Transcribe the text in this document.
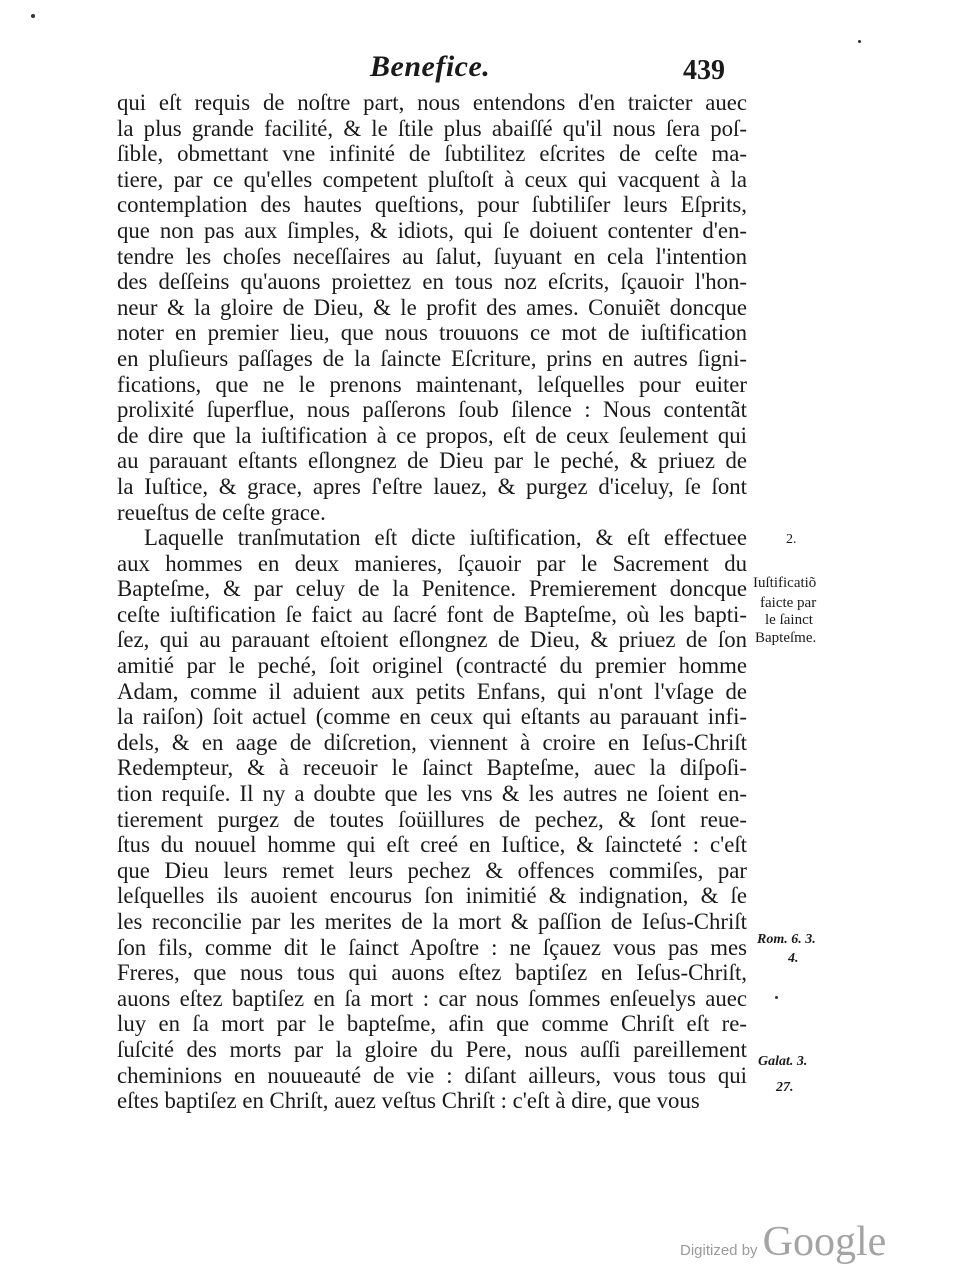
Benefice.	439
qui eſt requis de noſtre part, nous entendons d'en traicter auec
la plus grande facilité, & le ſtile plus abaiſſé qu'il nous ſera poſ-
ſible, obmettant vne infinité de ſubtilitez eſcrites de ceſte ma-
tiere, par ce qu'elles competent pluſtoſt à ceux qui vacquent à la
contemplation des hautes queſtions, pour ſubtiliſer leurs Eſprits,
que non pas aux ſimples, & idiots, qui ſe doiuent contenter d'en-
tendre les choſes neceſſaires au ſalut, ſuyuant en cela l'intention
des deſſeins qu'auons proiettez en tous noz eſcrits, ſçauoir l'hon-
neur & la gloire de Dieu, & le profit des ames. Conuiẽt doncque
noter en premier lieu, que nous trouuons ce mot de iuſtification
en pluſieurs paſſages de la ſaincte Eſcriture, prins en autres ſigni-
fications, que ne le prenons maintenant, leſquelles pour euiter
prolixité ſuperflue, nous paſſerons ſoub ſilence : Nous contentãt
de dire que la iuſtification à ce propos, eſt de ceux ſeulement qui
au parauant eſtants eſlongnez de Dieu par le peché, & priuez de
la Iuſtice, & grace, apres ſ'eſtre lauez, & purgez d'iceluy, ſe ſont
reueſtus de ceſte grace.
Laquelle tranſmutation eſt dicte iuſtification, & eſt effectuee
aux hommes en deux manieres, ſçauoir par le Sacrement du
Bapteſme, & par celuy de la Penitence. Premierement doncque
ceſte iuſtification ſe faict au ſacré font de Bapteſme, où les bapti-
ſez, qui au parauant eſtoient eſlongnez de Dieu, & priuez de ſon
amitié par le peché, ſoit originel (contracté du premier homme
Adam, comme il aduient aux petits Enfans, qui n'ont l'vſage de
la raiſon) ſoit actuel (comme en ceux qui eſtants au parauant infi-
dels, & en aage de diſcretion, viennent à croire en Ieſus-Chriſt
Redempteur, & à receuoir le ſainct Bapteſme, auec la diſpoſi-
tion requiſe. Il ny a doubte que les vns & les autres ne ſoient en-
tierement purgez de toutes ſoüillures de pechez, & ſont reue-
ſtus du nouuel homme qui eſt creé en Iuſtice, & ſaincteté : c'eſt
que Dieu leurs remet leurs pechez & offences commiſes, par
leſquelles ils auoient encourus ſon inimitié & indignation, & ſe
les reconcilie par les merites de la mort & paſſion de Ieſus-Chriſt
ſon fils, comme dit le ſainct Apoſtre : ne ſçauez vous pas mes
Freres, que nous tous qui auons eſtez baptiſez en Ieſus-Chriſt,
auons eſtez baptiſez en ſa mort : car nous ſommes enſeuelys auec
luy en ſa mort par le bapteſme, afin que comme Chriſt eſt re-
ſuſcité des morts par la gloire du Pere, nous auſſi pareillement
cheminions en nouueauté de vie : diſant ailleurs, vous tous qui
eſtes baptiſez en Chriſt, auez veſtus Chriſt : c'eſt à dire, que vous
2.
Iuſtificatiõ
faicte par
le ſainct
Bapteſme.
Rom. 6. 3.
4.
Galat. 3.
27.
Digitized by Google
